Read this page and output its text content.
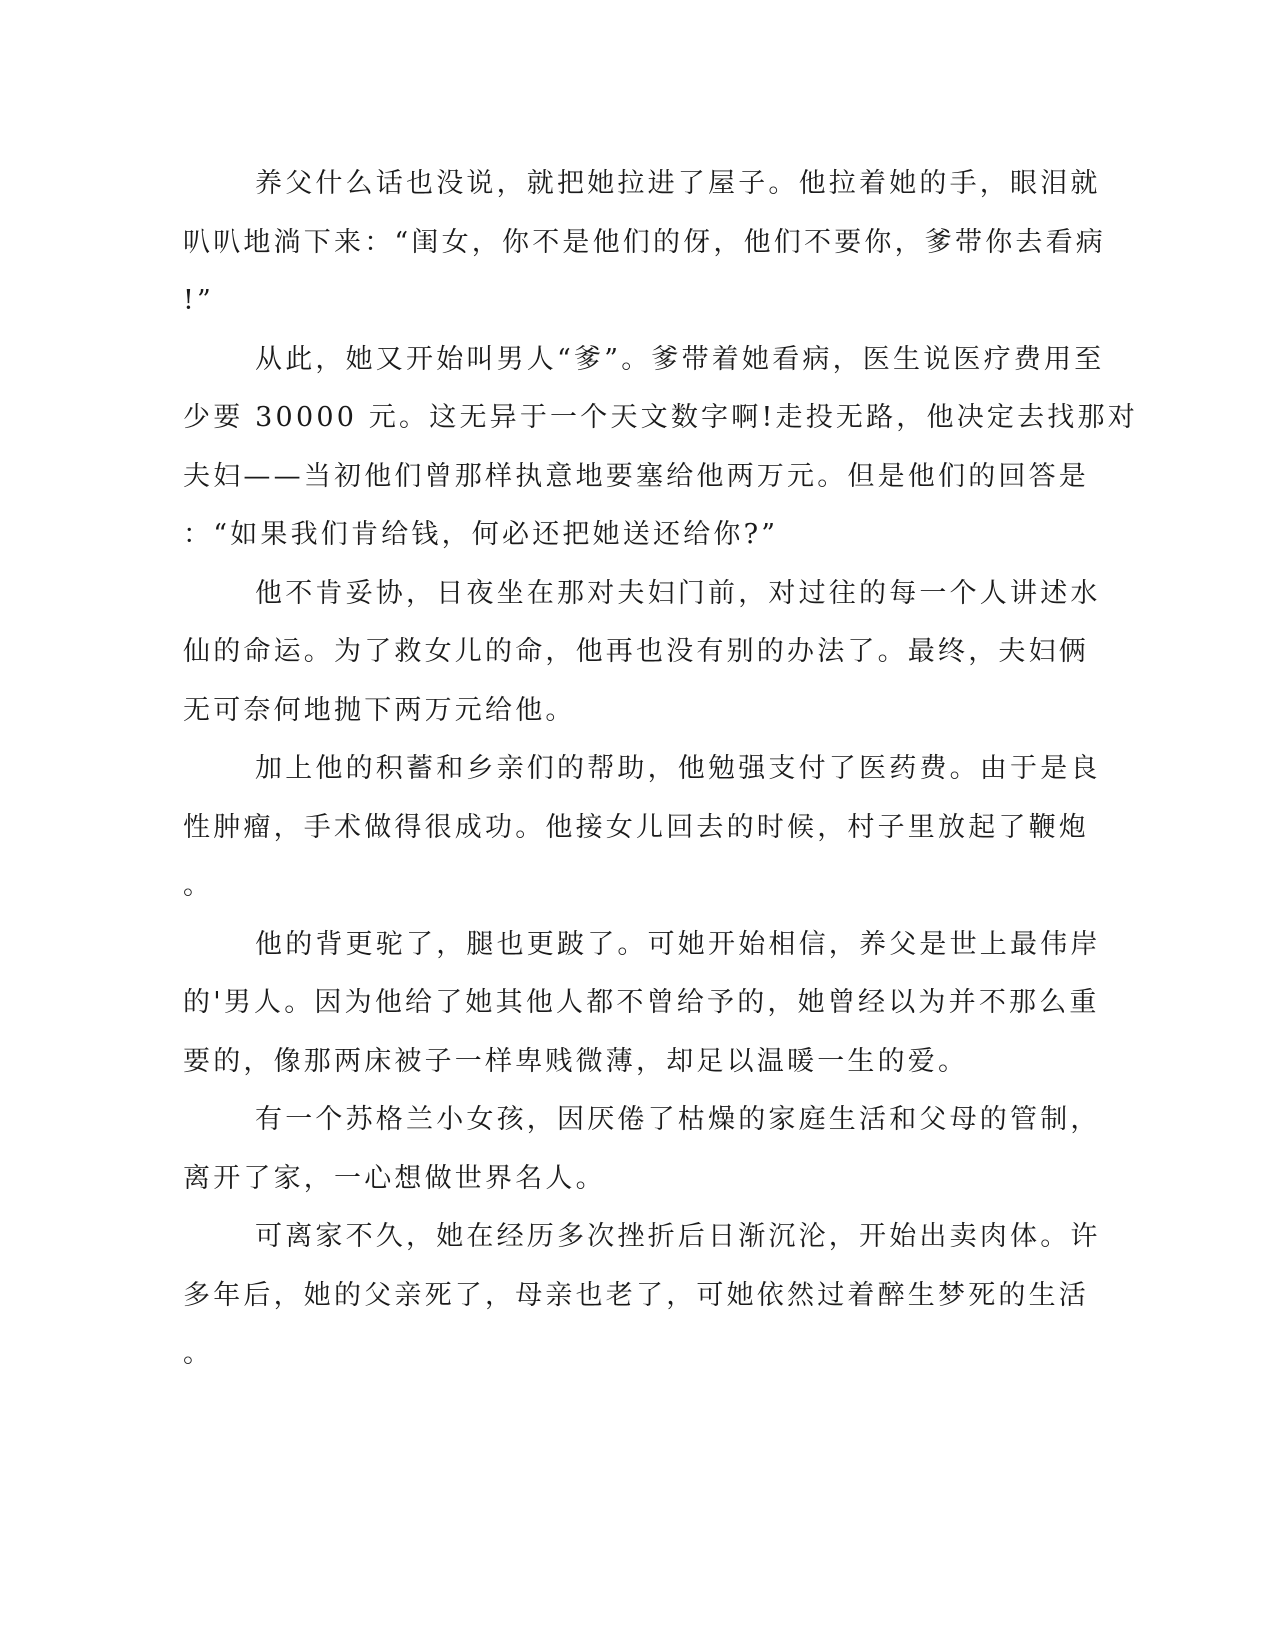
养父什么话也没说，就把她拉进了屋子。他拉着她的手，眼泪就
叭叭地淌下来：“闺女，你不是他们的伢，他们不要你，爹带你去看病
!”
从此，她又开始叫男人“爹”。爹带着她看病，医生说医疗费用至
少要 30000 元。这无异于一个天文数字啊!走投无路，他决定去找那对
夫妇——当初他们曾那样执意地要塞给他两万元。但是他们的回答是
：“如果我们肯给钱，何必还把她送还给你?”
他不肯妥协，日夜坐在那对夫妇门前，对过往的每一个人讲述水
仙的命运。为了救女儿的命，他再也没有别的办法了。最终，夫妇俩
无可奈何地抛下两万元给他。
加上他的积蓄和乡亲们的帮助，他勉强支付了医药费。由于是良
性肿瘤，手术做得很成功。他接女儿回去的时候，村子里放起了鞭炮
。
他的背更驼了，腿也更跛了。可她开始相信，养父是世上最伟岸
的'男人。因为他给了她其他人都不曾给予的，她曾经以为并不那么重
要的，像那两床被子一样卑贱微薄，却足以温暖一生的爱。
有一个苏格兰小女孩，因厌倦了枯燥的家庭生活和父母的管制，
离开了家，一心想做世界名人。
可离家不久，她在经历多次挫折后日渐沉沦，开始出卖肉体。许
多年后，她的父亲死了，母亲也老了，可她依然过着醉生梦死的生活
。
